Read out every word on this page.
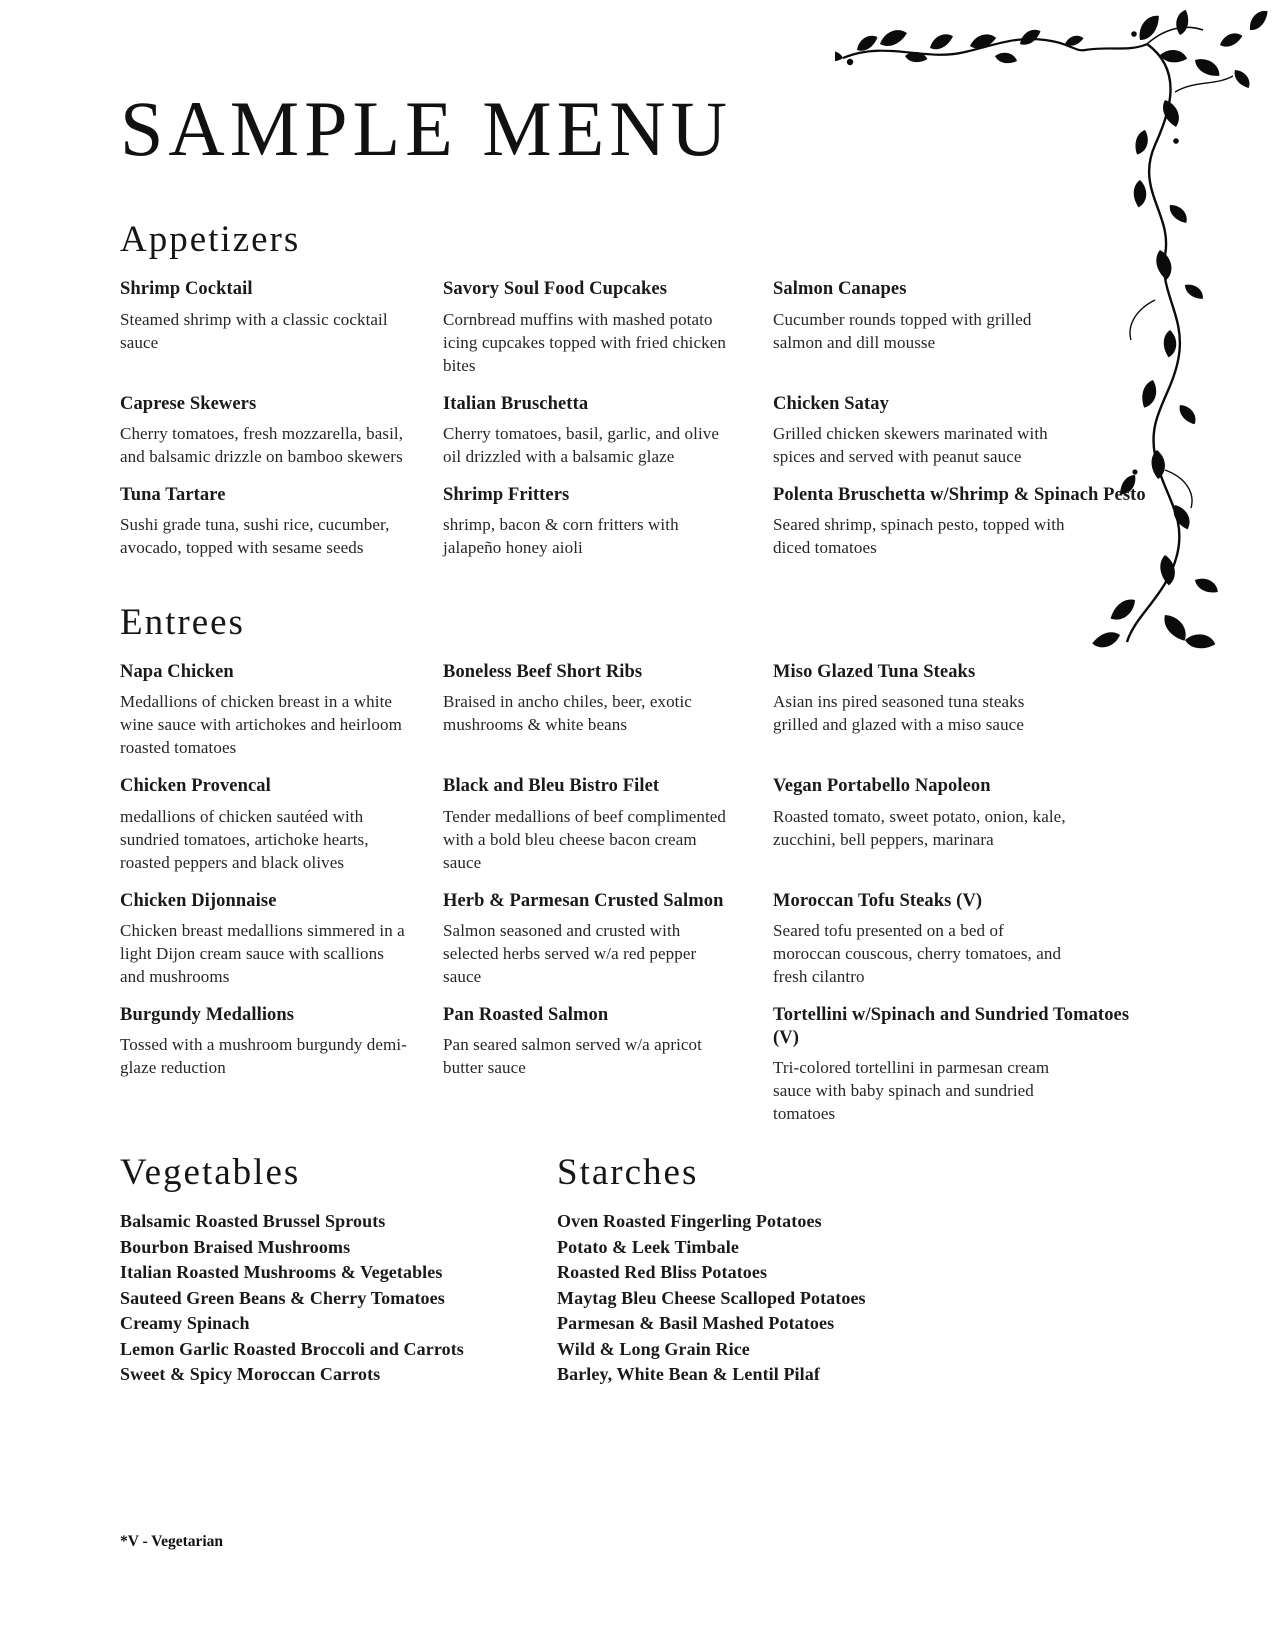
SAMPLE MENU
Appetizers
Shrimp Cocktail
Steamed shrimp with a classic cocktail sauce
Savory Soul Food Cupcakes
Cornbread muffins with mashed potato icing cupcakes topped with fried chicken bites
Salmon Canapes
Cucumber rounds topped with grilled salmon and dill mousse
Caprese Skewers
Cherry tomatoes, fresh mozzarella, basil, and balsamic drizzle on bamboo skewers
Italian Bruschetta
Cherry tomatoes, basil, garlic, and olive oil drizzled with a balsamic glaze
Chicken Satay
Grilled chicken skewers marinated with spices and served with peanut sauce
Tuna Tartare
Sushi grade tuna, sushi rice, cucumber, avocado, topped with sesame seeds
Shrimp Fritters
shrimp, bacon & corn fritters with jalapeño honey aioli
Polenta Bruschetta w/Shrimp & Spinach Pesto
Seared shrimp, spinach pesto, topped with diced tomatoes
Entrees
Napa Chicken
Medallions of chicken breast in a white wine sauce with artichokes and heirloom roasted tomatoes
Boneless Beef Short Ribs
Braised in ancho chiles, beer, exotic mushrooms & white beans
Miso Glazed Tuna Steaks
Asian ins pired seasoned tuna steaks grilled and glazed with a miso sauce
Chicken Provencal
medallions of chicken sautéed with sundried tomatoes, artichoke hearts, roasted peppers and black olives
Black and Bleu Bistro Filet
Tender medallions of beef complimented with a bold bleu cheese bacon cream sauce
Vegan Portabello Napoleon
Roasted tomato, sweet potato, onion, kale, zucchini, bell peppers, marinara
Chicken Dijonnaise
Chicken breast medallions simmered in a light Dijon cream sauce with scallions and mushrooms
Herb & Parmesan Crusted Salmon
Salmon seasoned and crusted with selected herbs served w/a red pepper sauce
Moroccan Tofu Steaks (V)
Seared tofu presented on a bed of moroccan couscous, cherry tomatoes, and fresh cilantro
Burgundy Medallions
Tossed with a mushroom burgundy demi-glaze reduction
Pan Roasted Salmon
Pan seared salmon served w/a apricot butter sauce
Tortellini w/Spinach and Sundried Tomatoes (V)
Tri-colored tortellini in parmesan cream sauce with baby spinach and sundried tomatoes
Vegetables
Balsamic Roasted Brussel Sprouts
Bourbon Braised Mushrooms
Italian Roasted Mushrooms & Vegetables
Sauteed Green Beans & Cherry Tomatoes
Creamy Spinach
Lemon Garlic Roasted Broccoli and Carrots
Sweet & Spicy Moroccan Carrots
Starches
Oven Roasted Fingerling Potatoes
Potato & Leek Timbale
Roasted Red Bliss Potatoes
Maytag Bleu Cheese Scalloped Potatoes
Parmesan & Basil Mashed Potatoes
Wild & Long Grain Rice
Barley, White Bean & Lentil Pilaf
*V - Vegetarian
